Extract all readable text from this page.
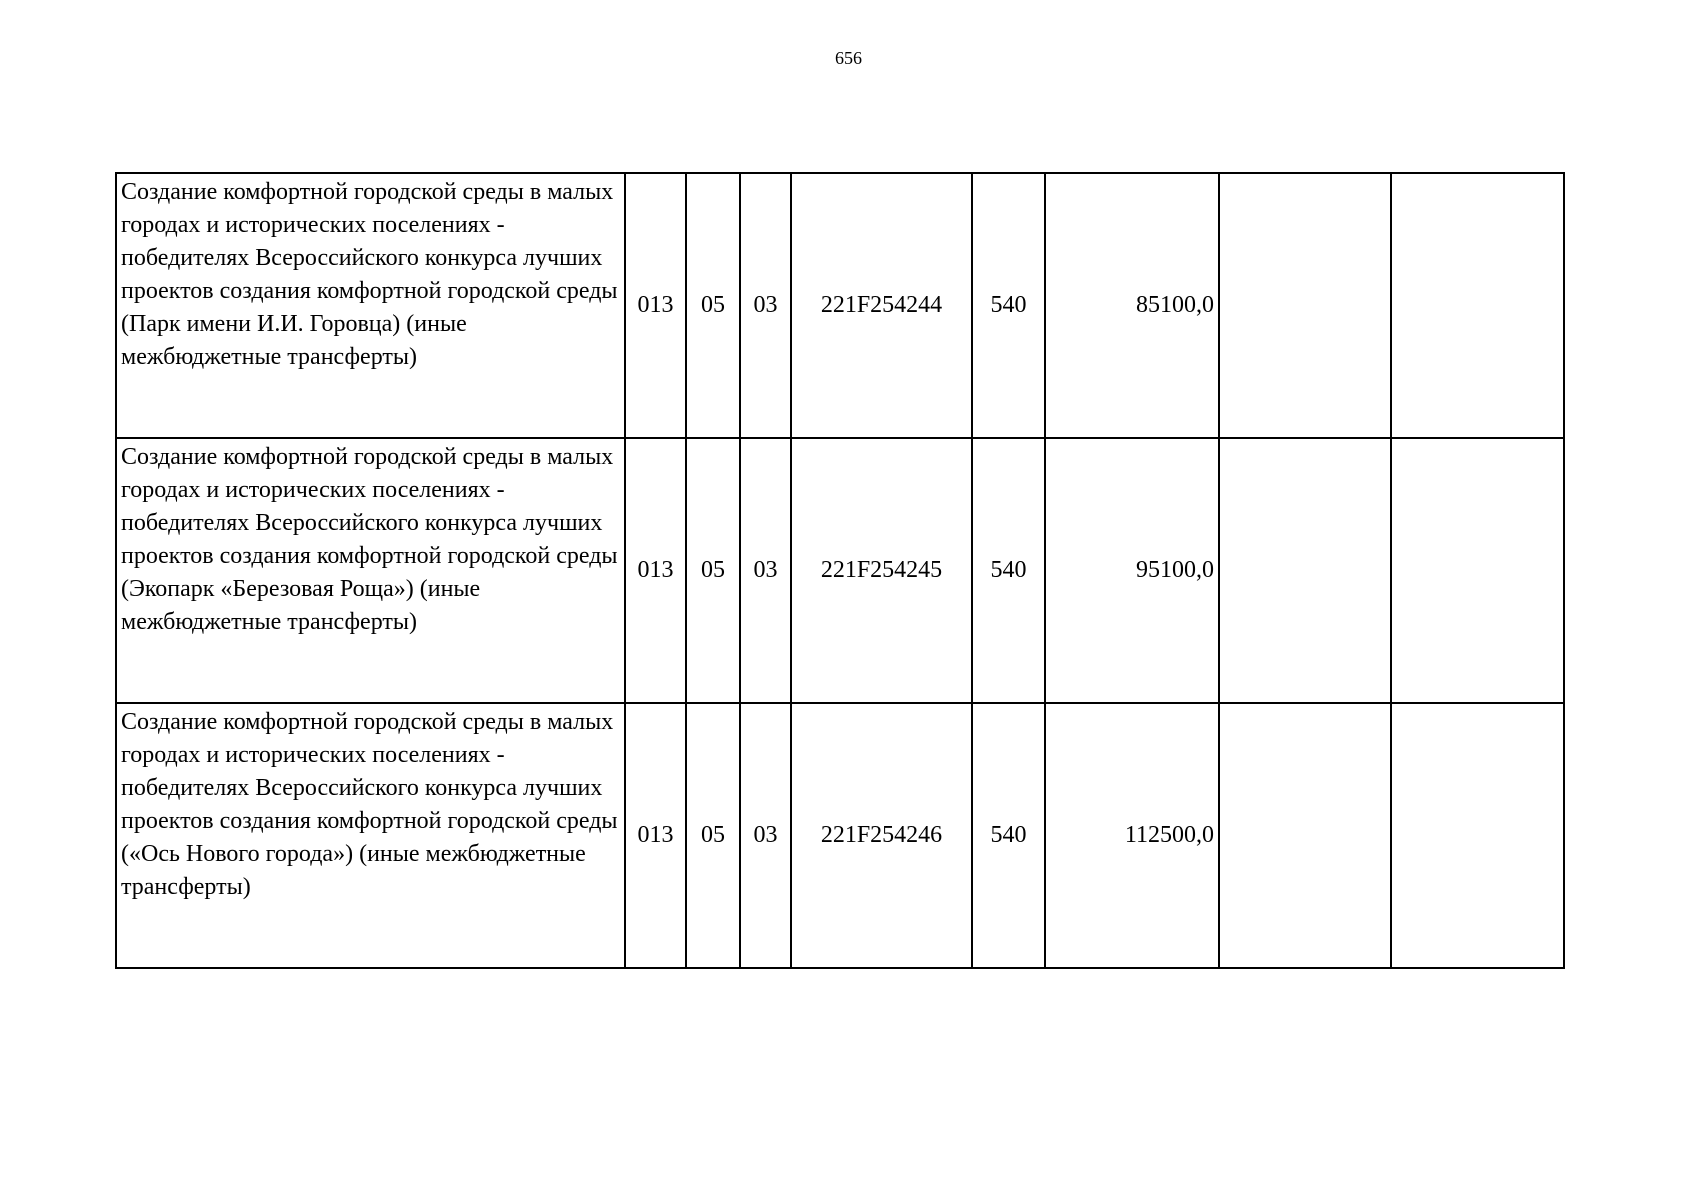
656
Создание комфортной городской среды в малых городах и исторических поселениях - победителях Всероссийского конкурса лучших проектов создания комфортной городской среды (Парк имени И.И. Горовца) (иные межбюджетные трансферты)	013	05	03	221F254244	540	85100,0		
Создание комфортной городской среды в малых городах и исторических поселениях - победителях Всероссийского конкурса лучших проектов создания комфортной городской среды (Экопарк «Березовая Роща») (иные межбюджетные трансферты)	013	05	03	221F254245	540	95100,0		
Создание комфортной городской среды в малых городах и исторических поселениях - победителях Всероссийского конкурса лучших проектов создания комфортной городской среды («Ось Нового города») (иные межбюджетные трансферты)	013	05	03	221F254246	540	112500,0		
